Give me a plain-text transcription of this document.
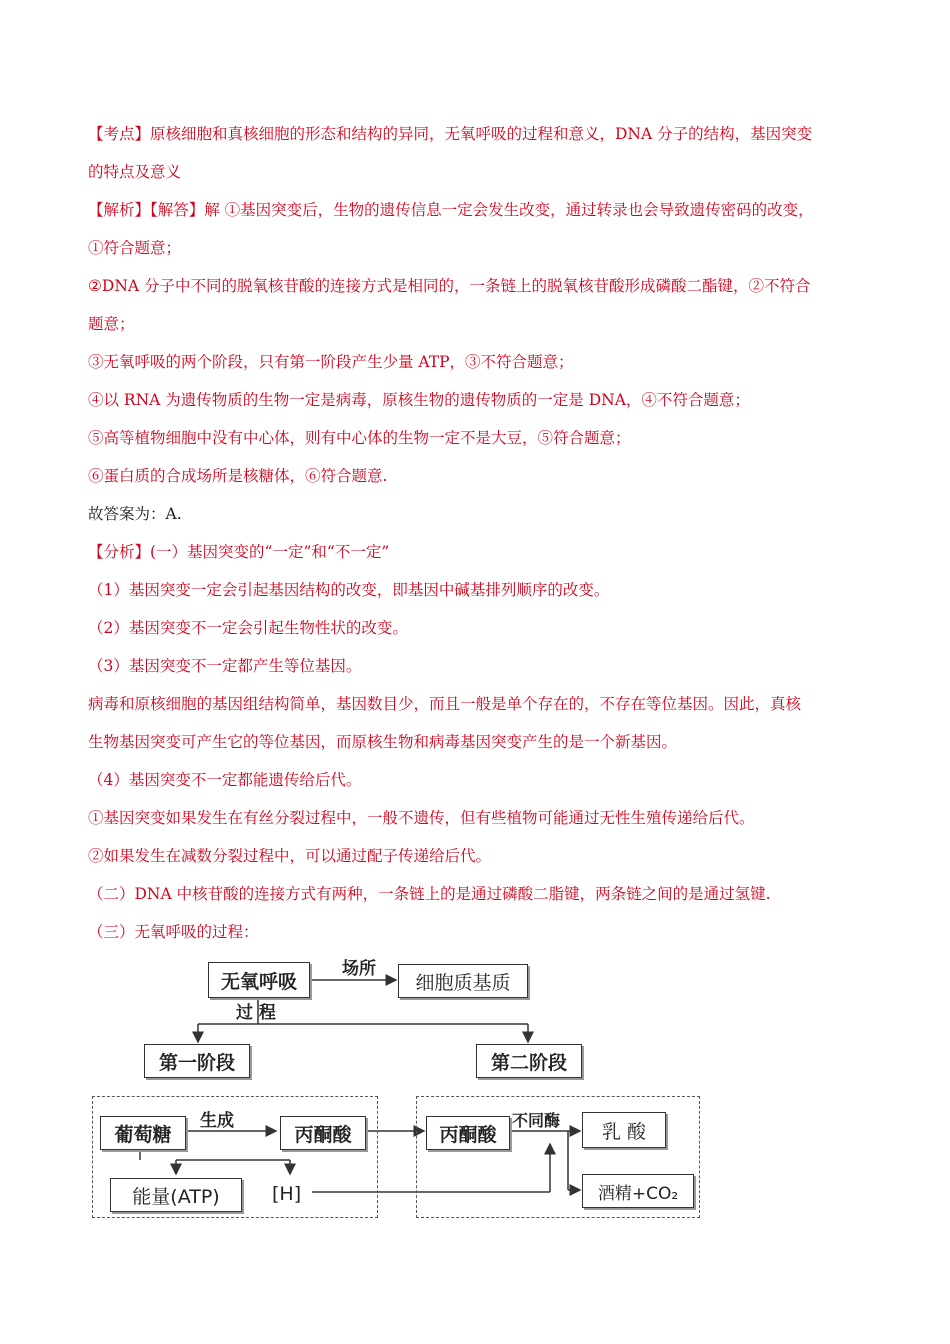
【考点】原核细胞和真核细胞的形态和结构的异同，无氧呼吸的过程和意义，DNA 分子的结构，基因突变
的特点及意义
【解析】【解答】解 ①基因突变后，生物的遗传信息一定会发生改变，通过转录也会导致遗传密码的改变，
①符合题意；
②DNA 分子中不同的脱氧核苷酸的连接方式是相同的，一条链上的脱氧核苷酸形成磷酸二酯键，②不符合
题意；
③无氧呼吸的两个阶段，只有第一阶段产生少量 ATP，③不符合题意；
④以 RNA 为遗传物质的生物一定是病毒，原核生物的遗传物质的一定是 DNA，④不符合题意；
⑤高等植物细胞中没有中心体，则有中心体的生物一定不是大豆，⑤符合题意；
⑥蛋白质的合成场所是核糖体，⑥符合题意.
故答案为：A.
【分析】(一）基因突变的“一定”和“不一定”
（1）基因突变一定会引起基因结构的改变，即基因中碱基排列顺序的改变。
（2）基因突变不一定会引起生物性状的改变。
（3）基因突变不一定都产生等位基因。
病毒和原核细胞的基因组结构简单，基因数目少，而且一般是单个存在的，不存在等位基因。因此，真核
生物基因突变可产生它的等位基因，而原核生物和病毒基因突变产生的是一个新基因。
（4）基因突变不一定都能遗传给后代。
①基因突变如果发生在有丝分裂过程中，一般不遗传，但有些植物可能通过无性生殖传递给后代。
②如果发生在减数分裂过程中，可以通过配子传递给后代。
（二）DNA 中核苷酸的连接方式有两种，一条链上的是通过磷酸二脂键，两条链之间的是通过氢键.
（三）无氧呼吸的过程：
无氧呼吸
场所
细胞质基质
过 程
第一阶段	第二阶段
葡萄糖
生成
丙酮酸	丙酮酸
不同酶	乳 酸
能量(ATP)	[H]	酒精+CO₂
